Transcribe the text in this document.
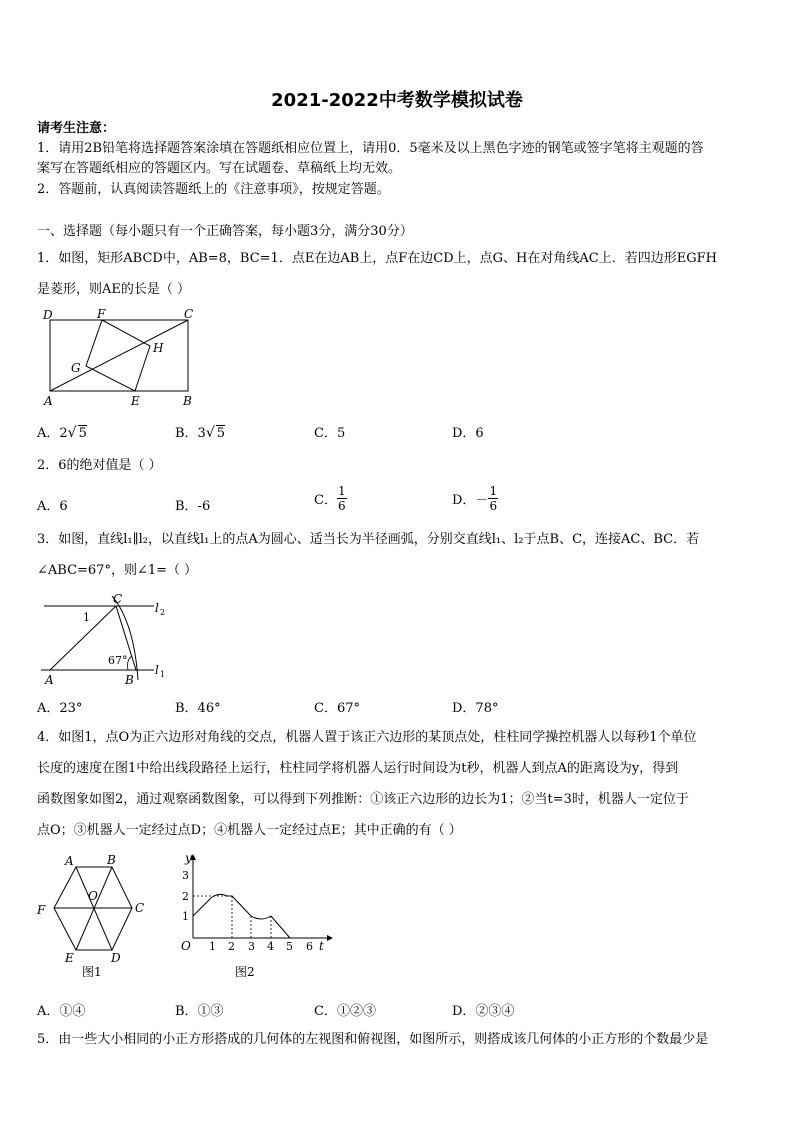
2021-2022中考数学模拟试卷
请考生注意：
1．请用2B铅笔将选择题答案涂填在答题纸相应位置上，请用0．5毫米及以上黑色字迹的钢笔或签字笔将主观题的答
案写在答题纸相应的答题区内。写在试题卷、草稿纸上均无效。
2．答题前，认真阅读答题纸上的《注意事项》，按规定答题。
一、选择题（每小题只有一个正确答案，每小题3分，满分30分）
1．如图，矩形ABCD中，AB=8，BC=1．点E在边AB上，点F在边CD上，点G、H在对角线AC上．若四边形EGFH
是菱形，则AE的长是（ ）
D	F	C
H
G
A	E	B
A．2√ 5	B．3√ 5	C．5	D．6
2．6的绝对值是（ ）
A．6	B．-6	C． $\frac{1}{6}$	D．－ $\frac{1}{6}$
3．如图，直线l₁∥l₂，以直线l₁上的点A为圆心、适当长为半径画弧，分别交直线l₁、l₂于点B、C，连接AC、BC．若
∠ABC=67°，则∠1=（ ）
C
l 2
1
67°
l 1
A	B
A．23°	B．46°	C．67°	D．78°
4．如图1，点O为正六边形对角线的交点，机器人置于该正六边形的某顶点处，柱柱同学操控机器人以每秒1个单位
长度的速度在图1中给出线段路径上运行，柱柱同学将机器人运行时间设为t秒，机器人到点A的距离设为y，得到
函数图象如图2，通过观察函数图象，可以得到下列推断：①该正六边形的边长为1；②当t=3时，机器人一定位于
点O；③机器人一定经过点D；④机器人一定经过点E；其中正确的有（ ）
A	B
C
D
E
F
O
图1
y
t
O 1 2 3 4 5 6
1
2
3
图2
A．①④	B．①③	C．①②③	D．②③④
5．由一些大小相同的小正方形搭成的几何体的左视图和俯视图，如图所示，则搭成该几何体的小正方形的个数最少是
